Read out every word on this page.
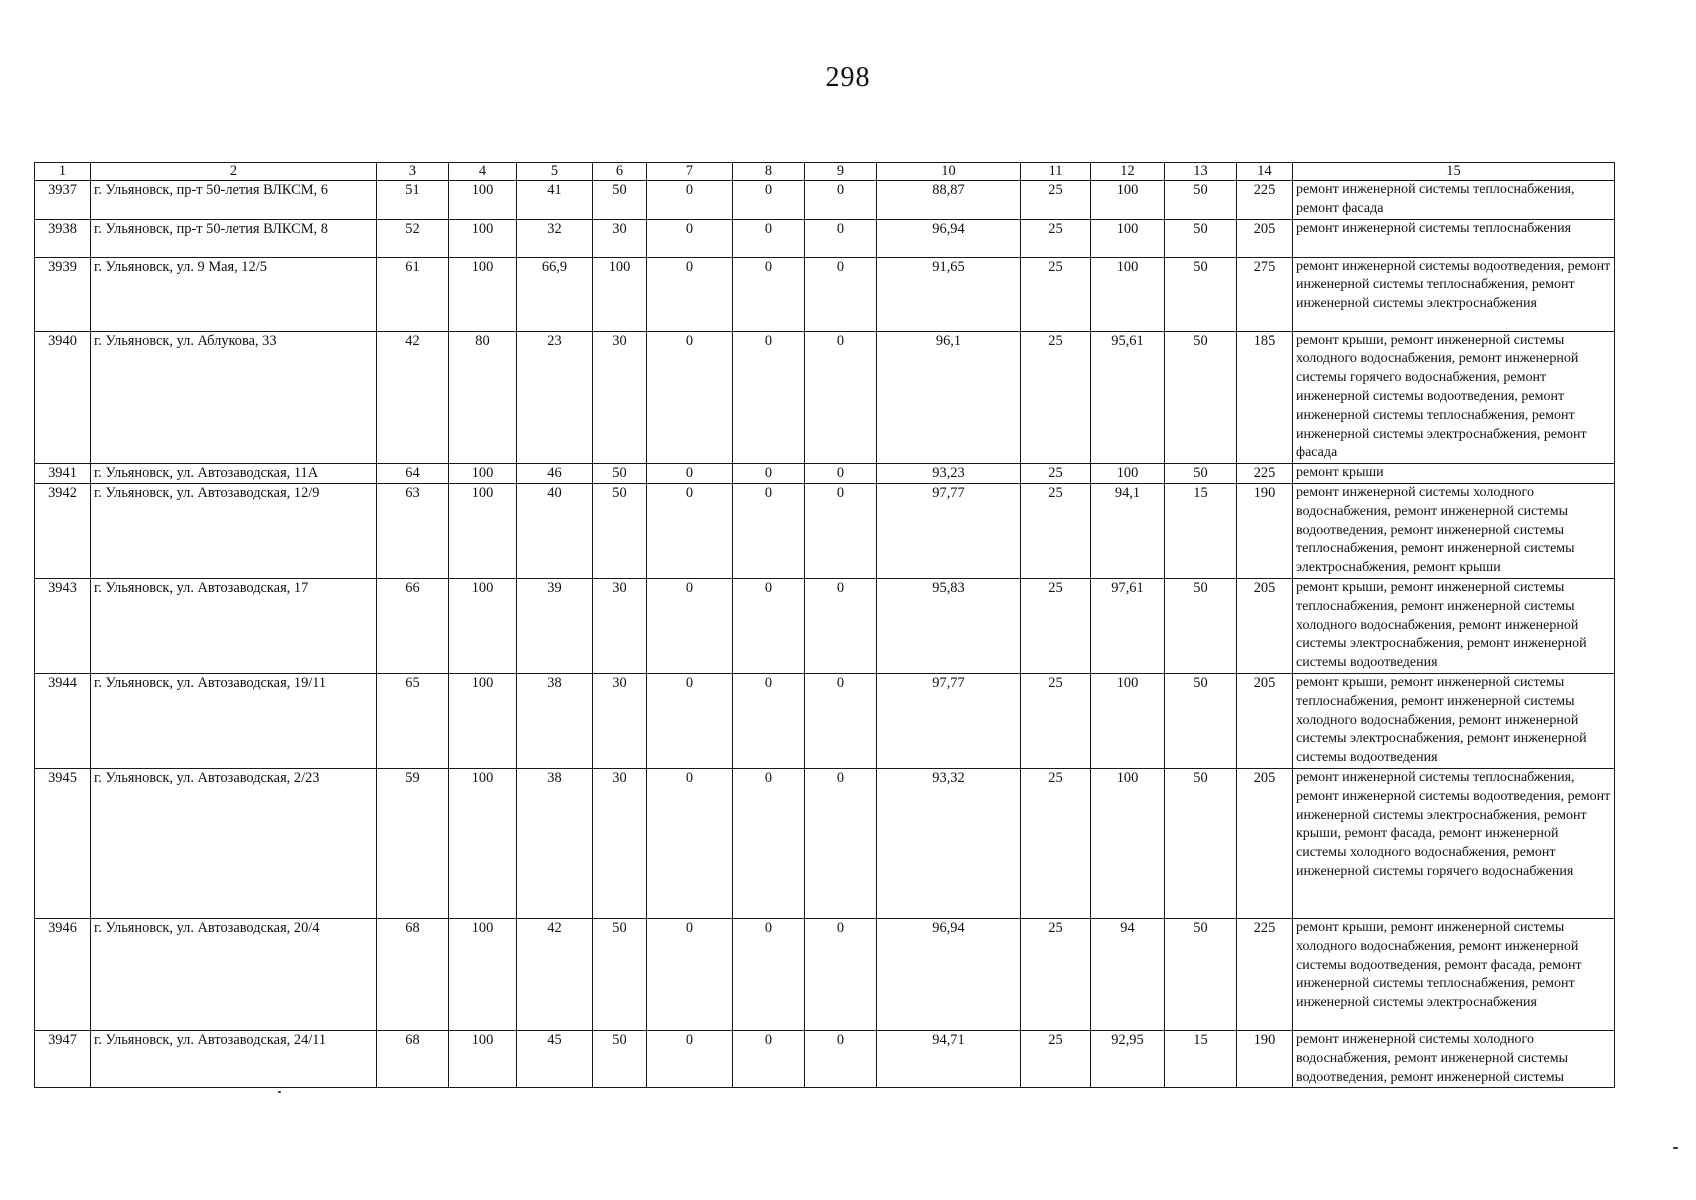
298
1	2	3	4	5	6	7	8	9	10	11	12	13	14	15
3937	г. Ульяновск, пр-т 50-летия ВЛКСМ, 6	51	100	41	50	0	0	0	88,87	25	100	50	225	ремонт инженерной системы теплоснабжения, ремонт фасада
3938	г. Ульяновск, пр-т 50-летия ВЛКСМ, 8	52	100	32	30	0	0	0	96,94	25	100	50	205	ремонт инженерной системы теплоснабжения
3939	г. Ульяновск, ул. 9 Мая, 12/5	61	100	66,9	100	0	0	0	91,65	25	100	50	275	ремонт инженерной системы водоотведения, ремонт инженерной системы теплоснабжения, ремонт инженерной системы электроснабжения
3940	г. Ульяновск, ул. Аблукова, 33	42	80	23	30	0	0	0	96,1	25	95,61	50	185	ремонт крыши, ремонт инженерной системы холодного водоснабжения, ремонт инженерной системы горячего водоснабжения, ремонт инженерной системы водоотведения, ремонт инженерной системы теплоснабжения, ремонт инженерной системы электроснабжения, ремонт фасада
3941	г. Ульяновск, ул. Автозаводская, 11А	64	100	46	50	0	0	0	93,23	25	100	50	225	ремонт крыши
3942	г. Ульяновск, ул. Автозаводская, 12/9	63	100	40	50	0	0	0	97,77	25	94,1	15	190	ремонт инженерной системы холодного водоснабжения, ремонт инженерной системы водоотведения, ремонт инженерной системы теплоснабжения, ремонт инженерной системы электроснабжения, ремонт крыши
3943	г. Ульяновск, ул. Автозаводская, 17	66	100	39	30	0	0	0	95,83	25	97,61	50	205	ремонт крыши, ремонт инженерной системы теплоснабжения, ремонт инженерной системы холодного водоснабжения, ремонт инженерной системы электроснабжения, ремонт инженерной системы водоотведения
3944	г. Ульяновск, ул. Автозаводская, 19/11	65	100	38	30	0	0	0	97,77	25	100	50	205	ремонт крыши, ремонт инженерной системы теплоснабжения, ремонт инженерной системы холодного водоснабжения, ремонт инженерной системы электроснабжения, ремонт инженерной системы водоотведения
3945	г. Ульяновск, ул. Автозаводская, 2/23	59	100	38	30	0	0	0	93,32	25	100	50	205	ремонт инженерной системы теплоснабжения, ремонт инженерной системы водоотведения, ремонт инженерной системы электроснабжения, ремонт крыши, ремонт фасада, ремонт инженерной системы холодного водоснабжения, ремонт инженерной системы горячего водоснабжения
3946	г. Ульяновск, ул. Автозаводская, 20/4	68	100	42	50	0	0	0	96,94	25	94	50	225	ремонт крыши, ремонт инженерной системы холодного водоснабжения, ремонт инженерной системы водоотведения, ремонт фасада, ремонт инженерной системы теплоснабжения, ремонт инженерной системы электроснабжения
3947	г. Ульяновск, ул. Автозаводская, 24/11	68	100	45	50	0	0	0	94,71	25	92,95	15	190	ремонт инженерной системы холодного водоснабжения, ремонт инженерной системы водоотведения, ремонт инженерной системы
